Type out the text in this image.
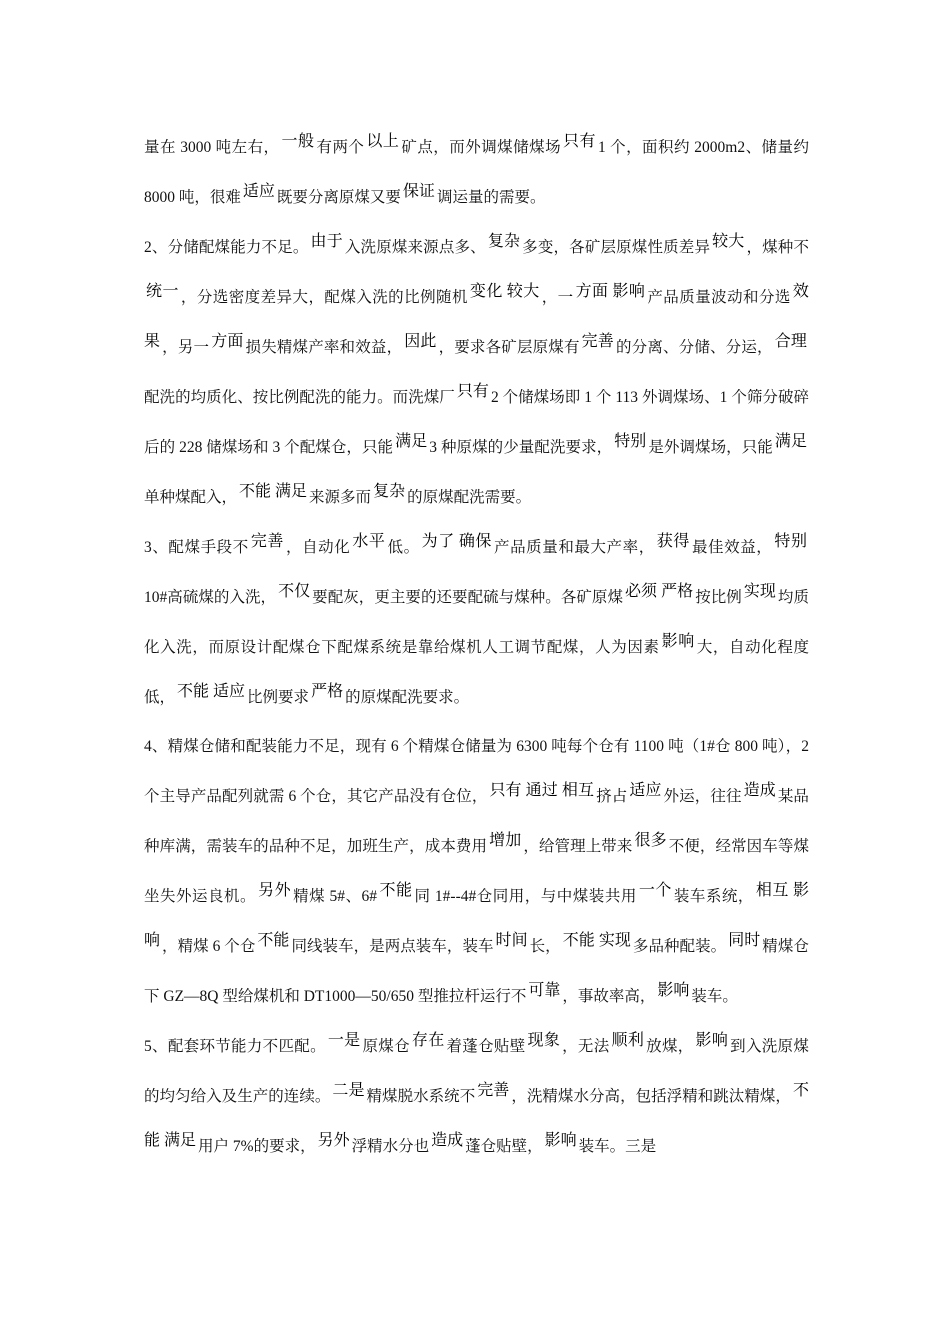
量在 3000 吨左右， 一般 有两个 以上 矿点，而外调煤储煤场 只有 1 个，面积约 2000m2、储量约 8000 吨，很难 适应 既要分离原煤又要 保证 调运量的需要。

2、分储配煤能力不足。 由于 入洗原煤来源点多、 复杂 多变，各矿层原煤性质差异 较大 ，煤种不统一 ，分选密度差异大，配煤入洗的比例随机 变化 较大 ，一 方面 影响 产品质量波动和分选 效果 ，另一 方面 损失精煤产率和效益， 因此 ，要求各矿层原煤有 完善 的分离、分储、分运， 合理配洗的均质化、按比例配洗的能力。而洗煤厂 只有 2 个储煤场即 1 个 113 外调煤场、1 个筛分破碎后的 228 储煤场和 3 个配煤仓，只能 满足 3 种原煤的少量配洗要求， 特别 是外调煤场，只能 满足单种煤配入， 不能 满足 来源多而 复杂 的原煤配洗需要。

3、配煤手段不 完善 ，自动化 水平 低。 为了 确保 产品质量和最大产率， 获得 最佳效益， 特别10#高硫煤的入洗， 不仅 要配灰，更主要的还要配硫与煤种。各矿原煤 必须 严格 按比例 实现 均质化入洗，而原设计配煤仓下配煤系统是靠给煤机人工调节配煤，人为因素 影响 大，自动化程度低， 不能 适应 比例要求 严格 的原煤配洗要求。

4、精煤仓储和配装能力不足，现有 6 个精煤仓储量为 6300 吨每个仓有 1100 吨（1#仓 800 吨），2 个主导产品配列就需 6 个仓，其它产品没有仓位， 只有 通过 相互 挤占 适应 外运，往往 造成 某品种库满，需装车的品种不足，加班生产，成本费用 增加 ，给管理上带来 很多 不便，经常因车等煤坐失外运良机。 另外 精煤 5#、6# 不能 同 1#--4#仓同用，与中煤装共用 一个 装车系统， 相互 影响 ，精煤 6 个仓 不能 同线装车，是两点装车，装车 时间 长， 不能 实现 多品种配装。 同时 精煤仓下 GZ—8Q 型给煤机和 DT1000—50/650 型推拉杆运行不 可靠 ，事故率高， 影响 装车。

5、配套环节能力不匹配。 一是 原煤仓 存在 着蓬仓贴壁 现象 ，无法 顺利 放煤， 影响 到入洗原煤的均匀给入及生产的连续。 二是 精煤脱水系统不 完善 ，洗精煤水分高，包括浮精和跳汰精煤， 不能 满足 用户 7%的要求， 另外 浮精水分也 造成 蓬仓贴壁， 影响 装车。三是
